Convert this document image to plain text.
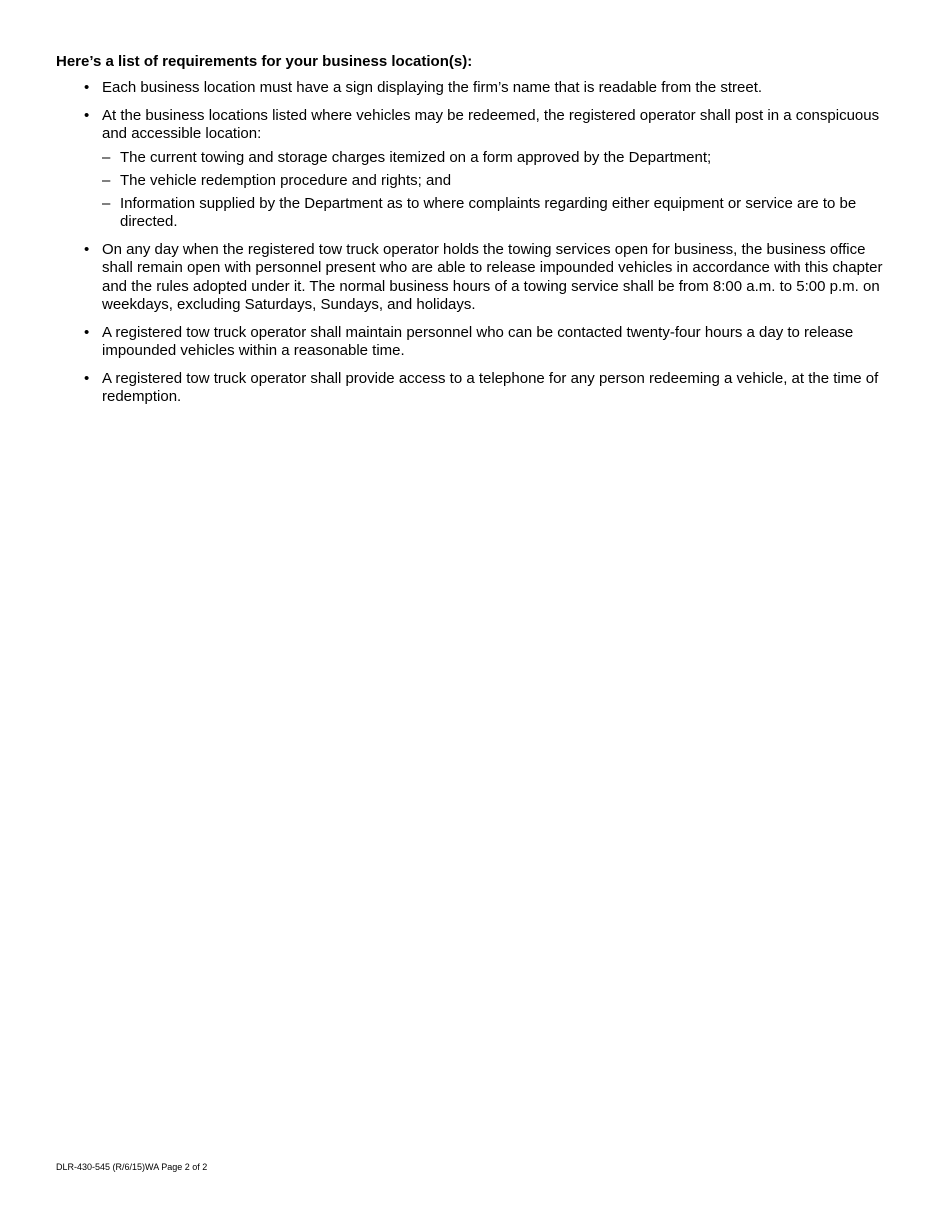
Here’s a list of requirements for your business location(s):
• Each business location must have a sign displaying the firm’s name that is readable from the street.
• At the business locations listed where vehicles may be redeemed, the registered operator shall post in a conspicuous and accessible location:
– The current towing and storage charges itemized on a form approved by the Department;
– The vehicle redemption procedure and rights; and
– Information supplied by the Department as to where complaints regarding either equipment or service are to be directed.
• On any day when the registered tow truck operator holds the towing services open for business, the business office shall remain open with personnel present who are able to release impounded vehicles in accordance with this chapter and the rules adopted under it. The normal business hours of a towing service shall be from 8:00 a.m. to 5:00 p.m. on weekdays, excluding Saturdays, Sundays, and holidays.
• A registered tow truck operator shall maintain personnel who can be contacted twenty-four hours a day to release impounded vehicles within a reasonable time.
• A registered tow truck operator shall provide access to a telephone for any person redeeming a vehicle, at the time of redemption.
DLR-430-545 (R/6/15)WA Page 2 of 2
